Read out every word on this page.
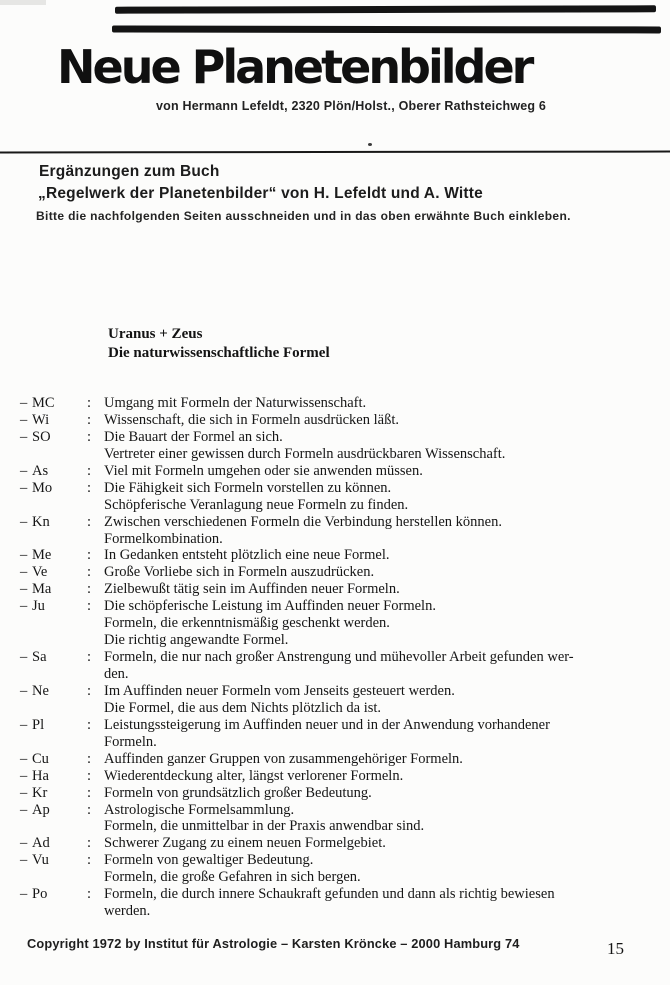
Neue Planetenbilder
von Hermann Lefeldt, 2320 Plön/Holst., Oberer Rathsteichweg 6
Ergänzungen zum Buch
„Regelwerk der Planetenbilder“ von H. Lefeldt und A. Witte
Bitte die nachfolgenden Seiten ausschneiden und in das oben erwähnte Buch einkleben.
Uranus + Zeus
Die naturwissenschaftliche Formel
– MC	: Umgang mit Formeln der Naturwissenschaft.
– Wi	: Wissenschaft, die sich in Formeln ausdrücken läßt.
– SO	: Die Bauart der Formel an sich.
Vertreter einer gewissen durch Formeln ausdrückbaren Wissenschaft.
– As	: Viel mit Formeln umgehen oder sie anwenden müssen.
– Mo	: Die Fähigkeit sich Formeln vorstellen zu können.
Schöpferische Veranlagung neue Formeln zu finden.
– Kn	: Zwischen verschiedenen Formeln die Verbindung herstellen können.
Formelkombination.
– Me	: In Gedanken entsteht plötzlich eine neue Formel.
– Ve	: Große Vorliebe sich in Formeln auszudrücken.
– Ma	: Zielbewußt tätig sein im Auffinden neuer Formeln.
– Ju	: Die schöpferische Leistung im Auffinden neuer Formeln.
Formeln, die erkenntnismäßig geschenkt werden.
Die richtig angewandte Formel.
– Sa	: Formeln, die nur nach großer Anstrengung und mühevoller Arbeit gefunden wer-
den.
– Ne	: Im Auffinden neuer Formeln vom Jenseits gesteuert werden.
Die Formel, die aus dem Nichts plötzlich da ist.
– Pl	: Leistungssteigerung im Auffinden neuer und in der Anwendung vorhandener
Formeln.
– Cu	: Auffinden ganzer Gruppen von zusammengehöriger Formeln.
– Ha	: Wiederentdeckung alter, längst verlorener Formeln.
– Kr	: Formeln von grundsätzlich großer Bedeutung.
– Ap	: Astrologische Formelsammlung.
Formeln, die unmittelbar in der Praxis anwendbar sind.
– Ad	: Schwerer Zugang zu einem neuen Formelgebiet.
– Vu	: Formeln von gewaltiger Bedeutung.
Formeln, die große Gefahren in sich bergen.
– Po	: Formeln, die durch innere Schaukraft gefunden und dann als richtig bewiesen
werden.
Copyright 1972 by Institut für Astrologie – Karsten Kröncke – 2000 Hamburg 74	15
